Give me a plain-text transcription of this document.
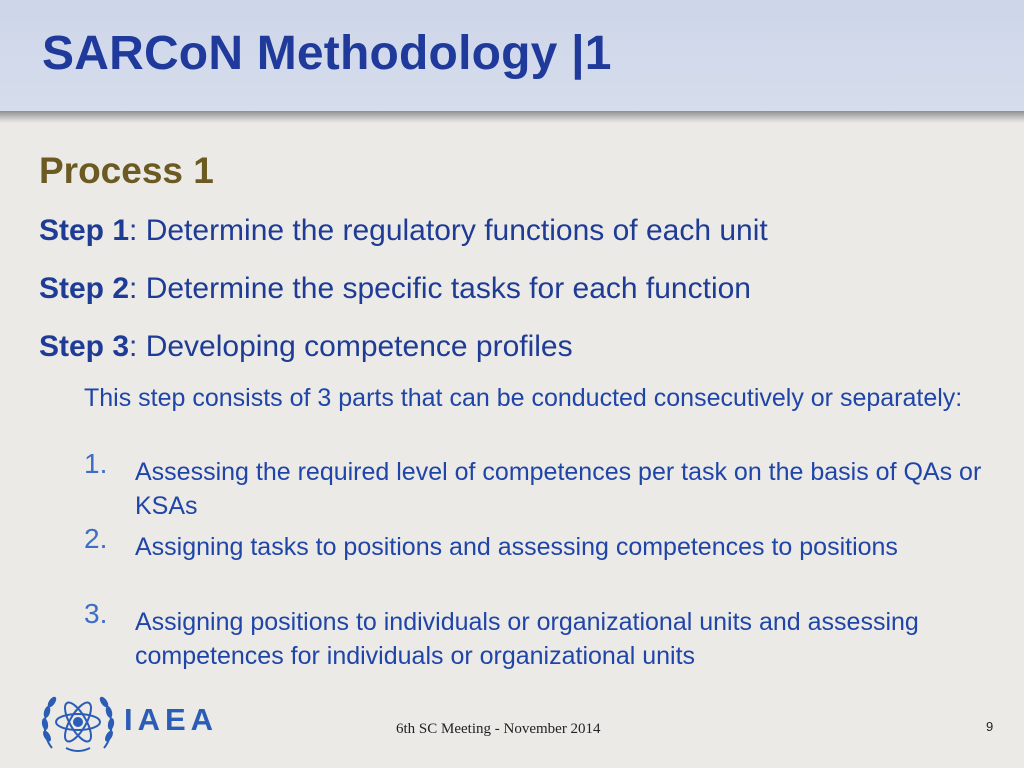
SARCoN Methodology |1
Process 1
Step 1: Determine the regulatory functions of each unit
Step 2: Determine the specific tasks for each function
Step 3: Developing competence profiles
This step consists of 3 parts that can be conducted consecutively or separately:
1. Assessing the required level of competences per task on the basis of QAs or KSAs
2. Assigning tasks to positions and assessing competences to positions
3. Assigning positions to individuals or organizational units and assessing competences for individuals or organizational units
IAEA	6th SC Meeting - November 2014	9
